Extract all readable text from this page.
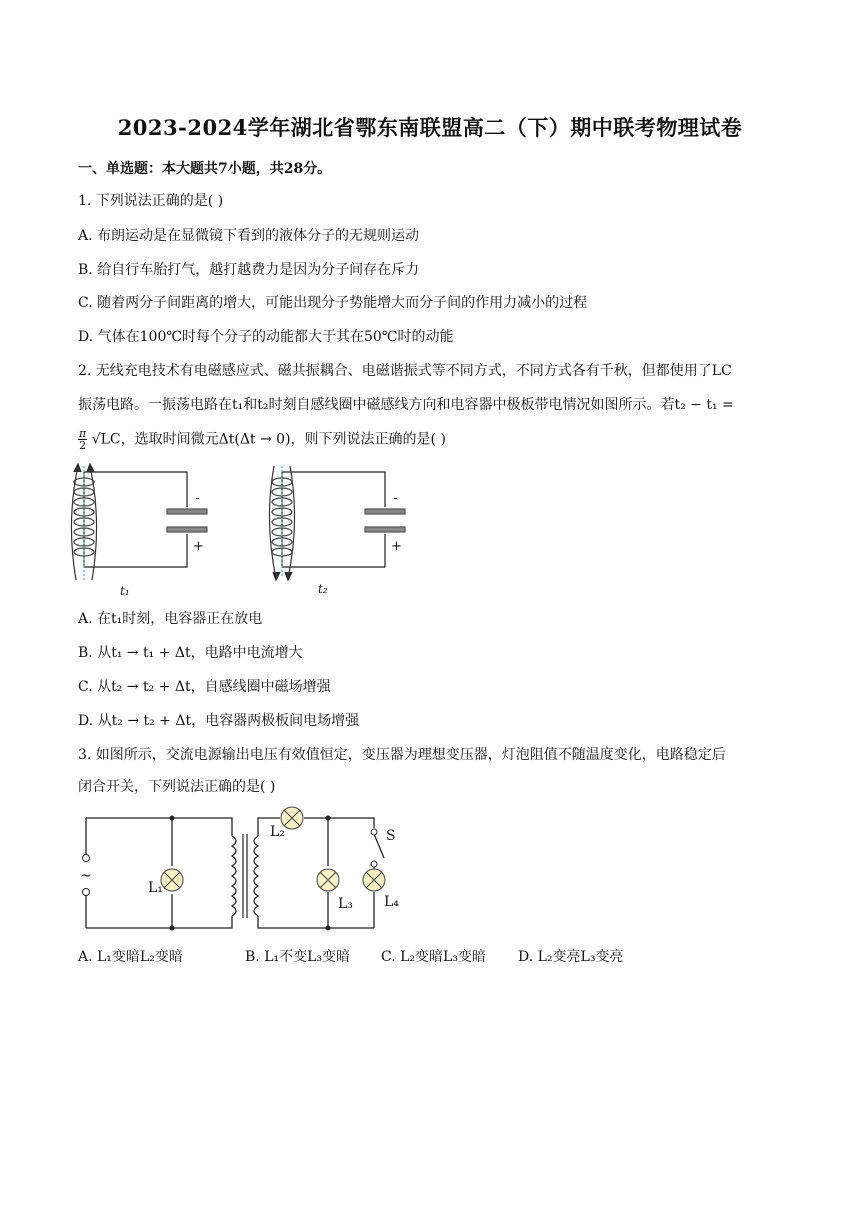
2023-2024学年湖北省鄂东南联盟高二（下）期中联考物理试卷
一、单选题：本大题共7小题，共28分。
1. 下列说法正确的是( )
A. 布朗运动是在显微镜下看到的液体分子的无规则运动
B. 给自行车胎打气，越打越费力是因为分子间存在斥力
C. 随着两分子间距离的增大，可能出现分子势能增大而分子间的作用力减小的过程
D. 气体在100℃时每个分子的动能都大于其在50℃时的动能
2. 无线充电技术有电磁感应式、磁共振耦合、电磁谐振式等不同方式，不同方式各有千秋，但都使用了LC
振荡电路。一振荡电路在t₁和t₂时刻自感线圈中磁感线方向和电容器中极板带电情况如图所示。若t₂ − t₁ =
$\frac{\pi}{2} √LC$，选取时间微元Δt(Δt → 0)，则下列说法正确的是( )
-
+
t₁
-
+
t₂
A. 在t₁时刻，电容器正在放电
B. 从t₁ → t₁ + Δt，电路中电流增大
C. 从t₂ → t₂ + Δt，自感线圈中磁场增强
D. 从t₂ → t₂ + Δt，电容器两极板间电场增强
3. 如图所示，交流电源输出电压有效值恒定，变压器为理想变压器，灯泡阻值不随温度变化，电路稳定后
闭合开关，下列说法正确的是( )
~
L₁
L₂
L₃ L₄
S
A. L₁变暗L₂变暗	B. L₁不变L₃变暗 C. L₂变暗L₃变暗 D. L₂变亮L₃变亮
